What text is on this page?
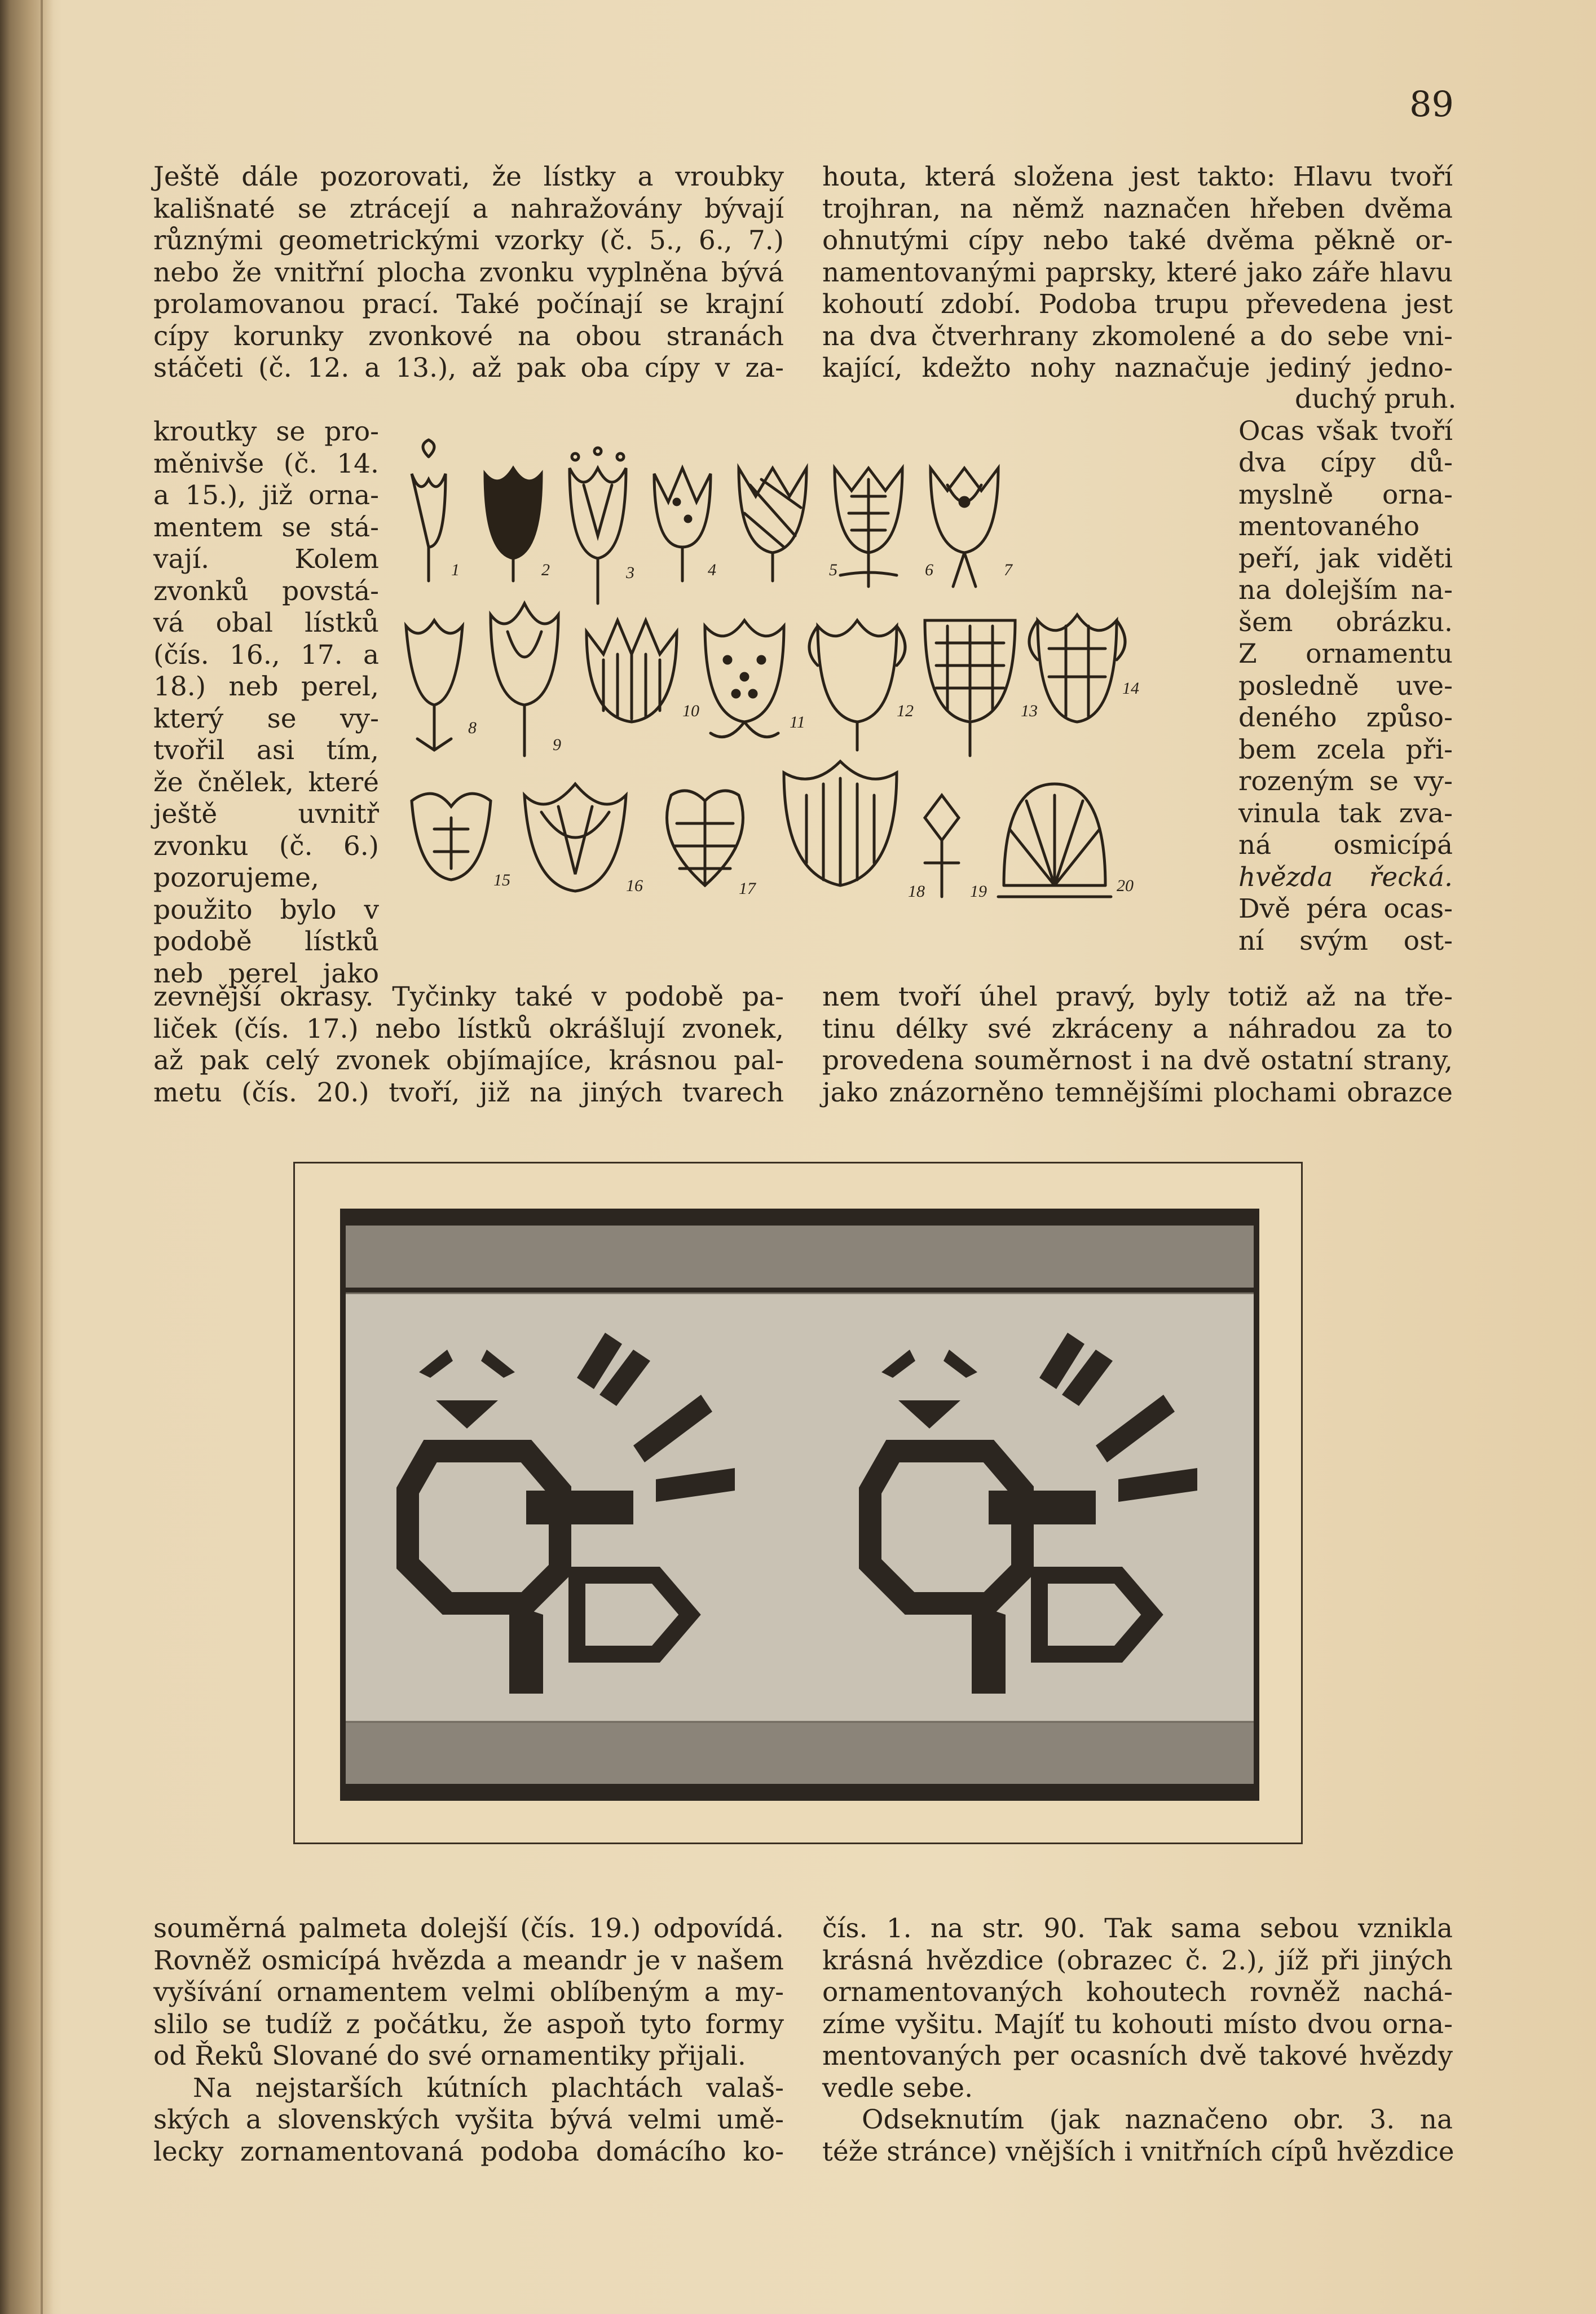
89
Ještě dále pozorovati, že lístky a vroubky
kališnaté se ztrácejí a nahražovány bývají
různými geometrickými vzorky (č. 5., 6., 7.)
nebo že vnitřní plocha zvonku vyplněna bývá
prolamovanou prací. Také počínají se krajní
cípy korunky zvonkové na obou stranách
stáčeti (č. 12. a 13.), až pak oba cípy v za-
houta, která složena jest takto: Hlavu tvoří
trojhran, na němž naznačen hřeben dvěma
ohnutými cípy nebo také dvěma pěkně or-
namentovanými paprsky, které jako záře hlavu
kohoutí zdobí. Podoba trupu převedena jest
na dva čtverhrany zkomolené a do sebe vni-
kající, kdežto nohy naznačuje jediný jedno-
kroutky se pro-
měnivše (č. 14.
a 15.), již orna-
mentem se stá-
vají. Kolem
zvonků povstá-
vá obal lístků
(čís. 16., 17. a
18.) neb perel,
který se vy-
tvořil asi tím,
že čnělek, které
ještě uvnitř
zvonku (č. 6.)
pozorujeme,
použito bylo v
podobě lístků
neb perel jako
duchý pruh.
Ocas však tvoří
dva cípy dů-
myslně orna-
mentovaného
peří, jak viděti
na dolejším na-
šem obrázku.
Z ornamentu
posledně uve-
deného způso-
bem zcela při-
rozeným se vy-
vinula tak zva-
ná osmicípá
hvězda řecká.
Dvě péra ocas-
ní svým ost-
1	2	3	4	5	6	7
8
9
10
11
12	13
14
15	16	17	18	19	20
zevnější okrasy. Tyčinky také v podobě pa-
liček (čís. 17.) nebo lístků okrášlují zvonek,
až pak celý zvonek objímajíce, krásnou pal-
metu (čís. 20.) tvoří, již na jiných tvarech
nem tvoří úhel pravý, byly totiž až na tře-
tinu délky své zkráceny a náhradou za to
provedena souměrnost i na dvě ostatní strany,
jako znázorněno temnějšími plochami obrazce
souměrná palmeta dolejší (čís. 19.) odpovídá.
Rovněž osmicípá hvězda a meandr je v našem
vyšívání ornamentem velmi oblíbeným a my-
slilo se tudíž z počátku, že aspoň tyto formy
od Řeků Slované do své ornamentiky přijali.
Na nejstarších kútních plachtách valaš-
ských a slovenských vyšita bývá velmi umě-
lecky zornamentovaná podoba domácího ko-
čís. 1. na str. 90. Tak sama sebou vznikla
krásná hvězdice (obrazec č. 2.), jíž při jiných
ornamentovaných kohoutech rovněž nachá-
zíme vyšitu. Majíť tu kohouti místo dvou orna-
mentovaných per ocasních dvě takové hvězdy
vedle sebe.
Odseknutím (jak naznačeno obr. 3. na
téže stránce) vnějších i vnitřních cípů hvězdice
